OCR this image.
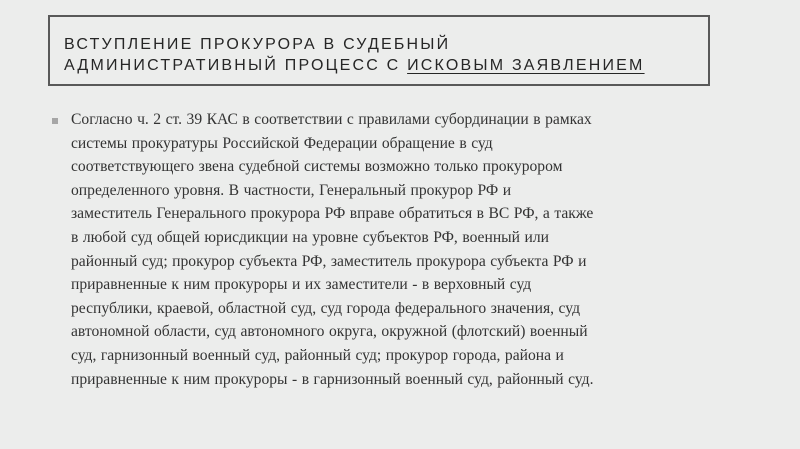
ВСТУПЛЕНИЕ ПРОКУРОРА В СУДЕБНЫЙ
АДМИНИСТРАТИВНЫЙ ПРОЦЕСС С ИСКОВЫМ ЗАЯВЛЕНИЕМ

Согласно ч. 2 ст. 39 КАС в соответствии с правилами субординации в рамках
системы прокуратуры Российской Федерации обращение в суд
соответствующего звена судебной системы возможно только прокурором
определенного уровня. В частности, Генеральный прокурор РФ и
заместитель Генерального прокурора РФ вправе обратиться в ВС РФ, а также
в любой суд общей юрисдикции на уровне субъектов РФ, военный или
районный суд; прокурор субъекта РФ, заместитель прокурора субъекта РФ и
приравненные к ним прокуроры и их заместители - в верховный суд
республики, краевой, областной суд, суд города федерального значения, суд
автономной области, суд автономного округа, окружной (флотский) военный
суд, гарнизонный военный суд, районный суд; прокурор города, района и
приравненные к ним прокуроры - в гарнизонный военный суд, районный суд.
